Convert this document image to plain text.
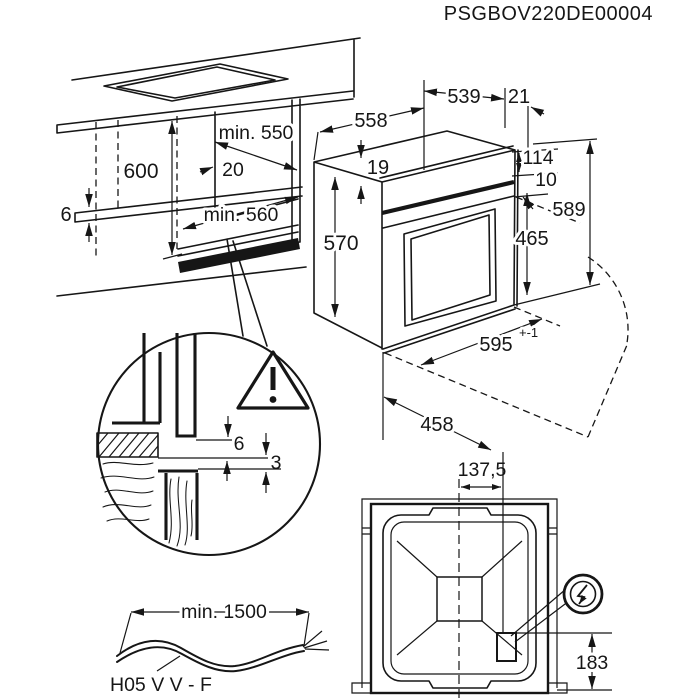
PSGBOV220DE00004
600
6
min. 550
20
min. 560
6
3
558
539 21
19	114
10
589
465
570
595
+-1
458
137,5
183
min. 1500
H05 V V - F
